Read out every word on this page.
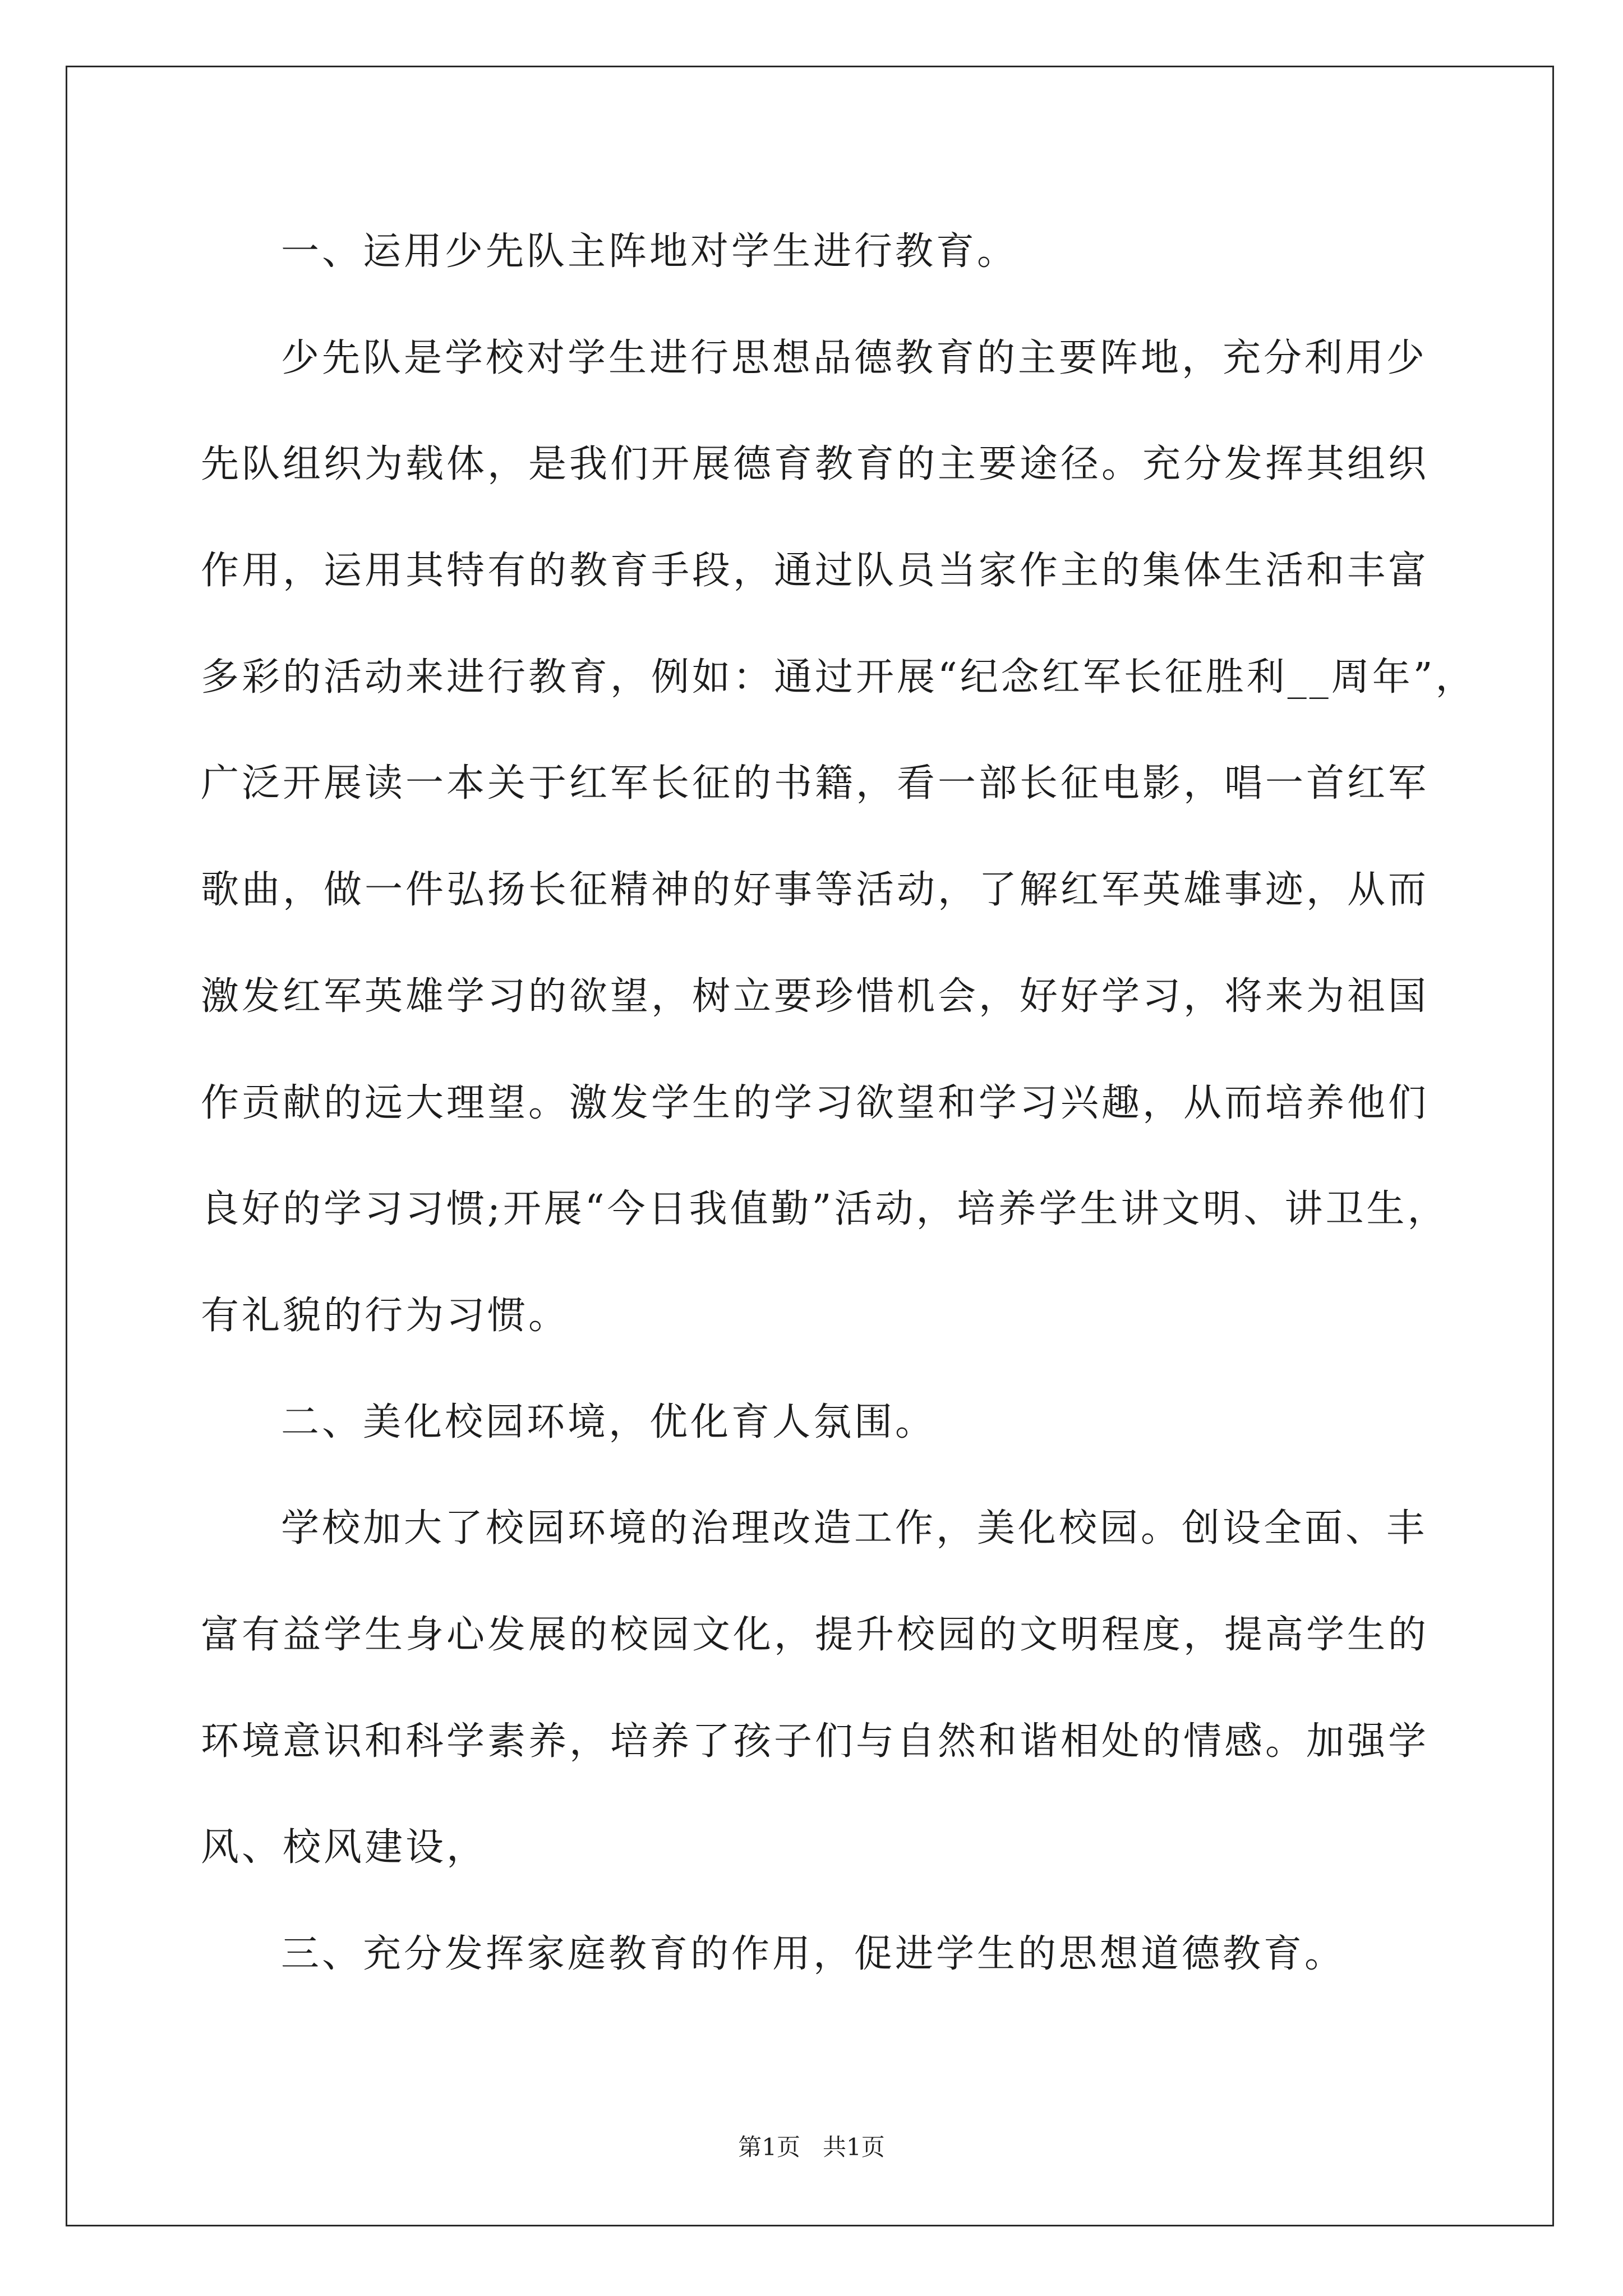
一、运用少先队主阵地对学生进行教育。
少先队是学校对学生进行思想品德教育的主要阵地，充分利用少
先队组织为载体，是我们开展德育教育的主要途径。充分发挥其组织
作用，运用其特有的教育手段，通过队员当家作主的集体生活和丰富
多彩的活动来进行教育，例如：通过开展“纪念红军长征胜利__周年”，
广泛开展读一本关于红军长征的书籍，看一部长征电影，唱一首红军
歌曲，做一件弘扬长征精神的好事等活动，了解红军英雄事迹，从而
激发红军英雄学习的欲望，树立要珍惜机会，好好学习，将来为祖国
作贡献的远大理望。激发学生的学习欲望和学习兴趣，从而培养他们
良好的学习习惯;开展“今日我值勤”活动，培养学生讲文明、讲卫生，
有礼貌的行为习惯。
二、美化校园环境，优化育人氛围。
学校加大了校园环境的治理改造工作，美化校园。创设全面、丰
富有益学生身心发展的校园文化，提升校园的文明程度，提高学生的
环境意识和科学素养，培养了孩子们与自然和谐相处的情感。加强学
风、校风建设，
三、充分发挥家庭教育的作用，促进学生的思想道德教育。
第1页   共1页
